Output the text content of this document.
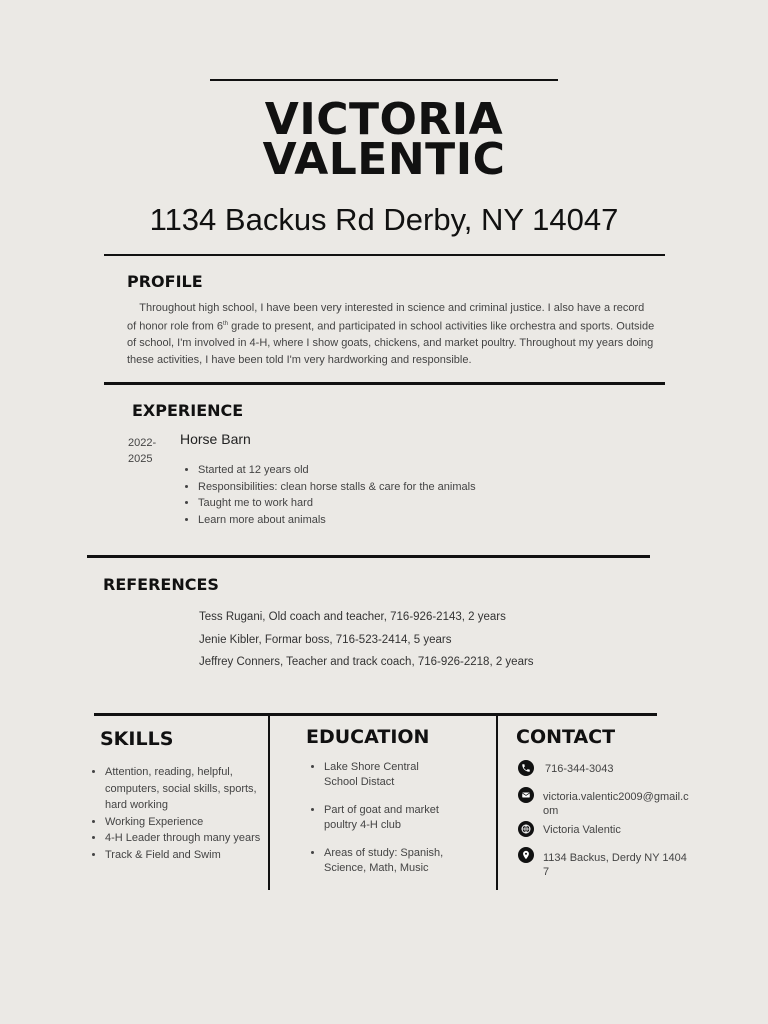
VICTORIA
VALENTIC
1134 Backus Rd Derby, NY 14047
PROFILE
Throughout high school, I have been very interested in science and criminal justice. I also have a record of honor role from 6th grade to present, and participated in school activities like orchestra and sports. Outside of school, I'm involved in 4-H, where I show goats, chickens, and market poultry. Throughout my years doing these activities, I have been told I'm very hardworking and responsible.
EXPERIENCE
2022-
2025
Horse Barn
• Started at 12 years old
• Responsibilities: clean horse stalls & care for the animals
• Taught me to work hard
• Learn more about animals
REFERENCES
Tess Rugani, Old coach and teacher, 716-926-2143, 2 years
Jenie Kibler, Formar boss, 716-523-2414, 5 years
Jeffrey Conners, Teacher and track coach, 716-926-2218, 2 years
SKILLS
• Attention, reading, helpful, computers, social skills, sports, hard working
• Working Experience
• 4-H Leader through many years
• Track & Field and Swim
EDUCATION
• Lake Shore Central School Distact
• Part of goat and market poultry 4-H club
• Areas of study: Spanish, Science, Math, Music
CONTACT
716-344-3043
victoria.valentic2009@gmail.com
Victoria Valentic
1134 Backus, Derdy NY 14047
